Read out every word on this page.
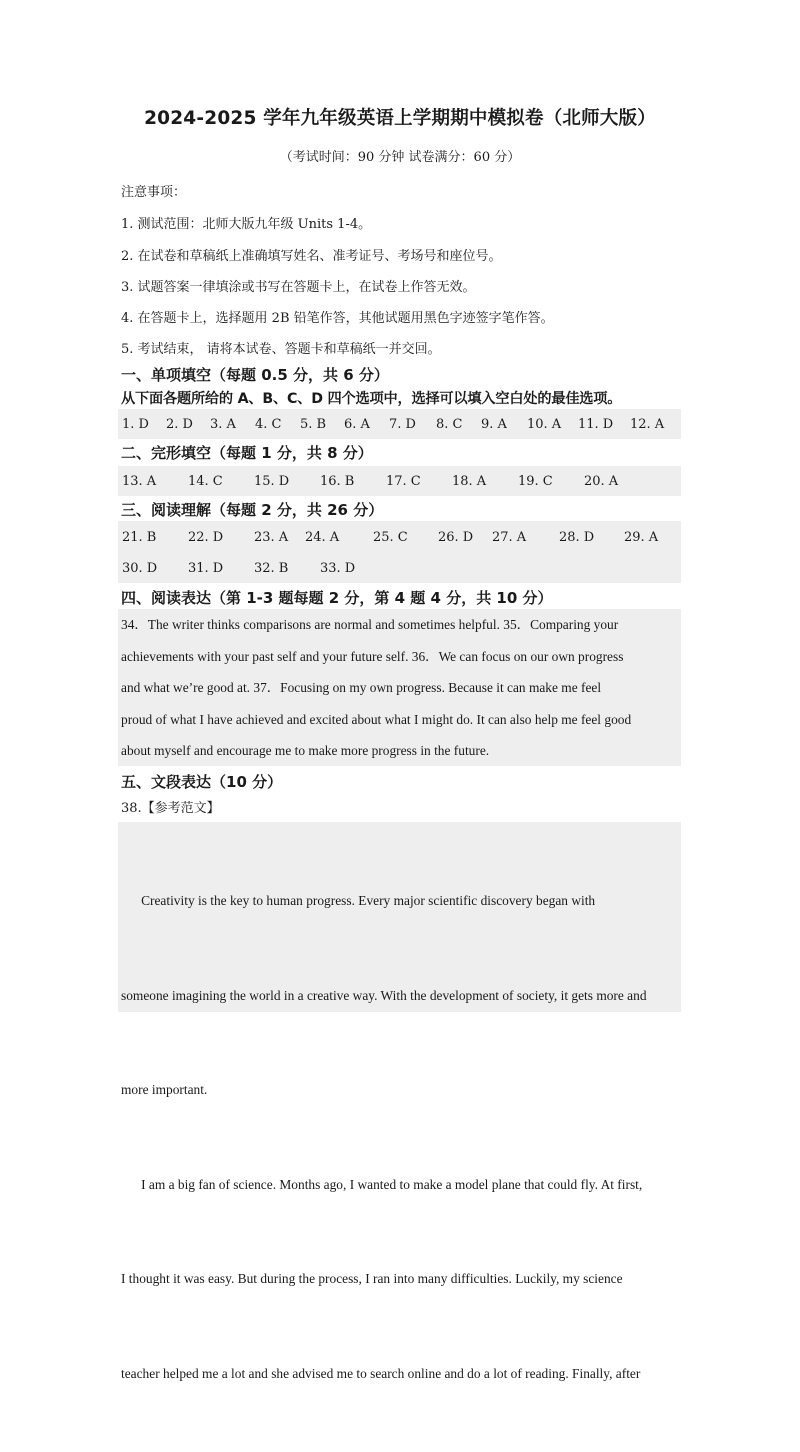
2024-2025 学年九年级英语上学期期中模拟卷（北师大版）
（考试时间：90 分钟 试卷满分：60 分）
注意事项：
1. 测试范围：北师大版九年级 Units 1-4。
2. 在试卷和草稿纸上准确填写姓名、准考证号、考场号和座位号。
3. 试题答案一律填涂或书写在答题卡上，在试卷上作答无效。
4. 在答题卡上，选择题用 2B 铅笔作答，其他试题用黑色字迹签字笔作答。
5. 考试结束， 请将本试卷、答题卡和草稿纸一并交回。
一、单项填空（每题 0.5 分，共 6 分）
从下面各题所给的 A、B、C、D 四个选项中，选择可以填入空白处的最佳选项。
1. D 2. D 3. A 4. C 5. B 6. A 7. D 8. C 9. A 10. A 11. D 12. A
二、完形填空（每题 1 分，共 8 分）
13. A 14. C 15. D 16. B 17. C 18. A 19. C 20. A
三、阅读理解（每题 2 分，共 26 分）
21. B 22. D 23. A 24. A	25. C 26. D 27. A	28. D 29. A
30. D 31. D 32. B 33. D
四、阅读表达（第 1-3 题每题 2 分，第 4 题 4 分，共 10 分）
34．The writer thinks comparisons are normal and sometimes helpful. 35．Comparing your
achievements with your past self and your future self. 36．We can focus on our own progress
and what we’re good at. 37．Focusing on my own progress. Because it can make me feel
proud of what I have achieved and excited about what I might do. It can also help me feel good
about myself and encourage me to make more progress in the future.
五、文段表达（10 分）
38.【参考范文】

Creativity is the key to human progress. Every major scientific discovery began with

someone imagining the world in a creative way. With the development of society, it gets more and

more important.

I am a big fan of science. Months ago, I wanted to make a model plane that could fly. At first,

I thought it was easy. But during the process, I ran into many difficulties. Luckily, my science

teacher helped me a lot and she advised me to search online and do a lot of reading. Finally, after
